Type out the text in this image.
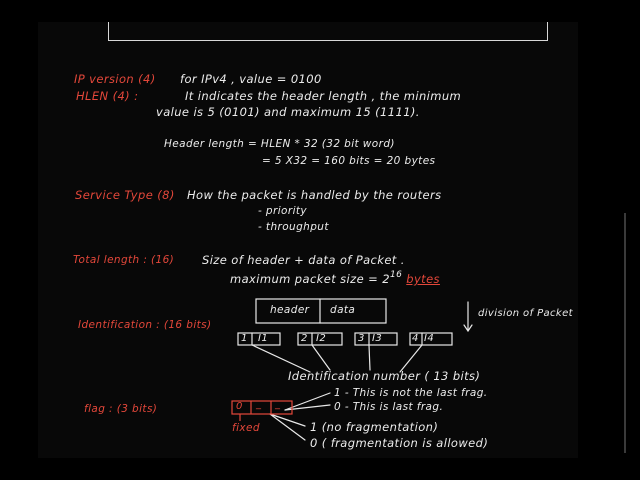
IP version (4) for IPv4 , value = 0100
HLEN (4) :	It indicates the header length , the minimum
value is 5 (0101) and maximum 15 (1111).
Header length = HLEN * 32 (32 bit word)
= 5 X32 = 160 bits = 20 bytes
Service Type (8) How the packet is handled by the routers
- priority
- throughput
Total length : (16) Size of header + data of Packet .
maximum packet size = $2^{16}$ bytes
header data	division of Packet
Identification : (16 bits)
1 I1	2 I2	3 I3	4 I4
Identification number ( 13 bits)
flag : (3 bits)	0 _ _
fixed
1 - This is not the last frag.
0 - This is last frag.
1 (no fragmentation)
0 ( fragmentation is allowed)
